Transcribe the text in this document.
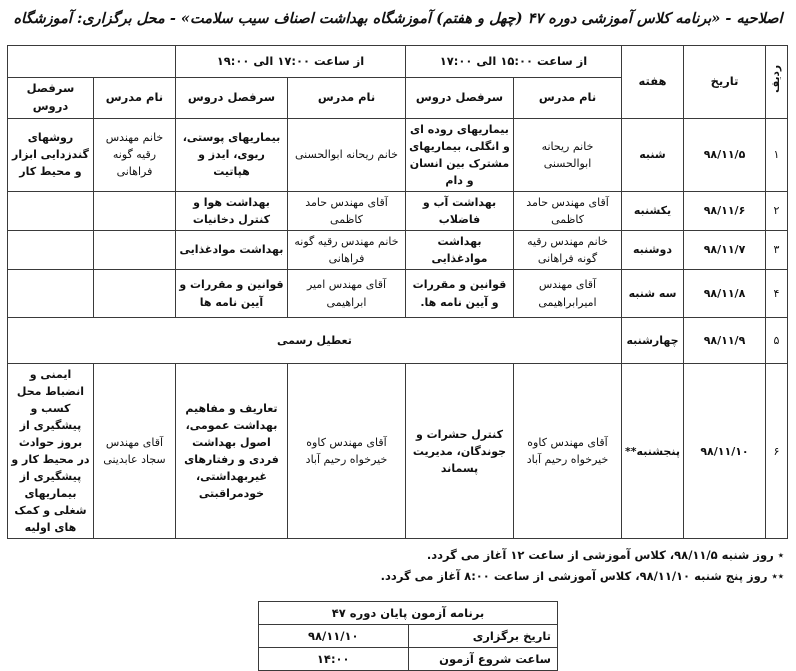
اصلاحیه - «برنامه کلاس آموزشی دوره ۴۷ (چهل و هفتم) آموزشگاه بهداشت اصناف سیب سلامت» - محل برگزاری: آموزشگاه
ردیف	تاریخ	هفته	از ساعت ۱۵:۰۰ الی ۱۷:۰۰		از ساعت ۱۷:۰۰ الی ۱۹:۰۰			
			نام مدرس	سرفصل دروس	نام مدرس	سرفصل دروس	نام مدرس	سرفصل دروس
۱	۹۸/۱۱/۵	شنبه	خانم ریحانه ابوالحسنی	بیماریهای روده ای و انگلی، بیماریهای مشترک بین انسان و دام	خانم ریحانه ابوالحسنی	بیماریهای پوستی، ریوی، ایدز و هپاتیت	خانم مهندس رقیه گونه فراهانی	روشهای گندزدایی ابزار و محیط کار
۲	۹۸/۱۱/۶	یکشنبه	آقای مهندس حامد کاظمی	بهداشت آب و فاضلاب	آقای مهندس حامد کاظمی	بهداشت هوا و کنترل دخانیات		
۳	۹۸/۱۱/۷	دوشنبه	خانم مهندس رقیه گونه فراهانی	بهداشت موادغذایی	خانم مهندس رقیه گونه فراهانی	بهداشت موادغذایی		
۴	۹۸/۱۱/۸	سه شنبه	آقای مهندس امیرابراهیمی	قوانین و مقررات و آیین نامه ها.	آقای مهندس امیر ابراهیمی	قوانین و مقررات و آیین نامه ها		
۵	۹۸/۱۱/۹	چهارشنبه	تعطیل رسمی					
۶	۹۸/۱۱/۱۰	پنجشنبه**	آقای مهندس کاوه خیرخواه رحیم آباد	کنترل حشرات و جوندگان، مدیریت پسماند	آقای مهندس کاوه خیرخواه رحیم آباد	تعاریف و مفاهیم بهداشت عمومی، اصول بهداشت فردی و رفتارهای غیربهداشتی، خودمراقبتی	آقای مهندس سجاد عابدینی	ایمنی و انضباط محل کسب و پیشگیری از بروز حوادث در محیط کار و پیشگیری از بیماریهای شغلی و کمک های اولیه
٭ روز شنبه ۹۸/۱۱/۵، کلاس آموزشی از ساعت ۱۲ آغاز می گردد.
٭٭ روز پنج شنبه ۹۸/۱۱/۱۰، کلاس آموزشی از ساعت ۸:۰۰ آغاز می گردد.
برنامه آزمون پایان دوره ۴۷	
تاریخ برگزاری	۹۸/۱۱/۱۰
ساعت شروع آزمون	۱۴:۰۰
